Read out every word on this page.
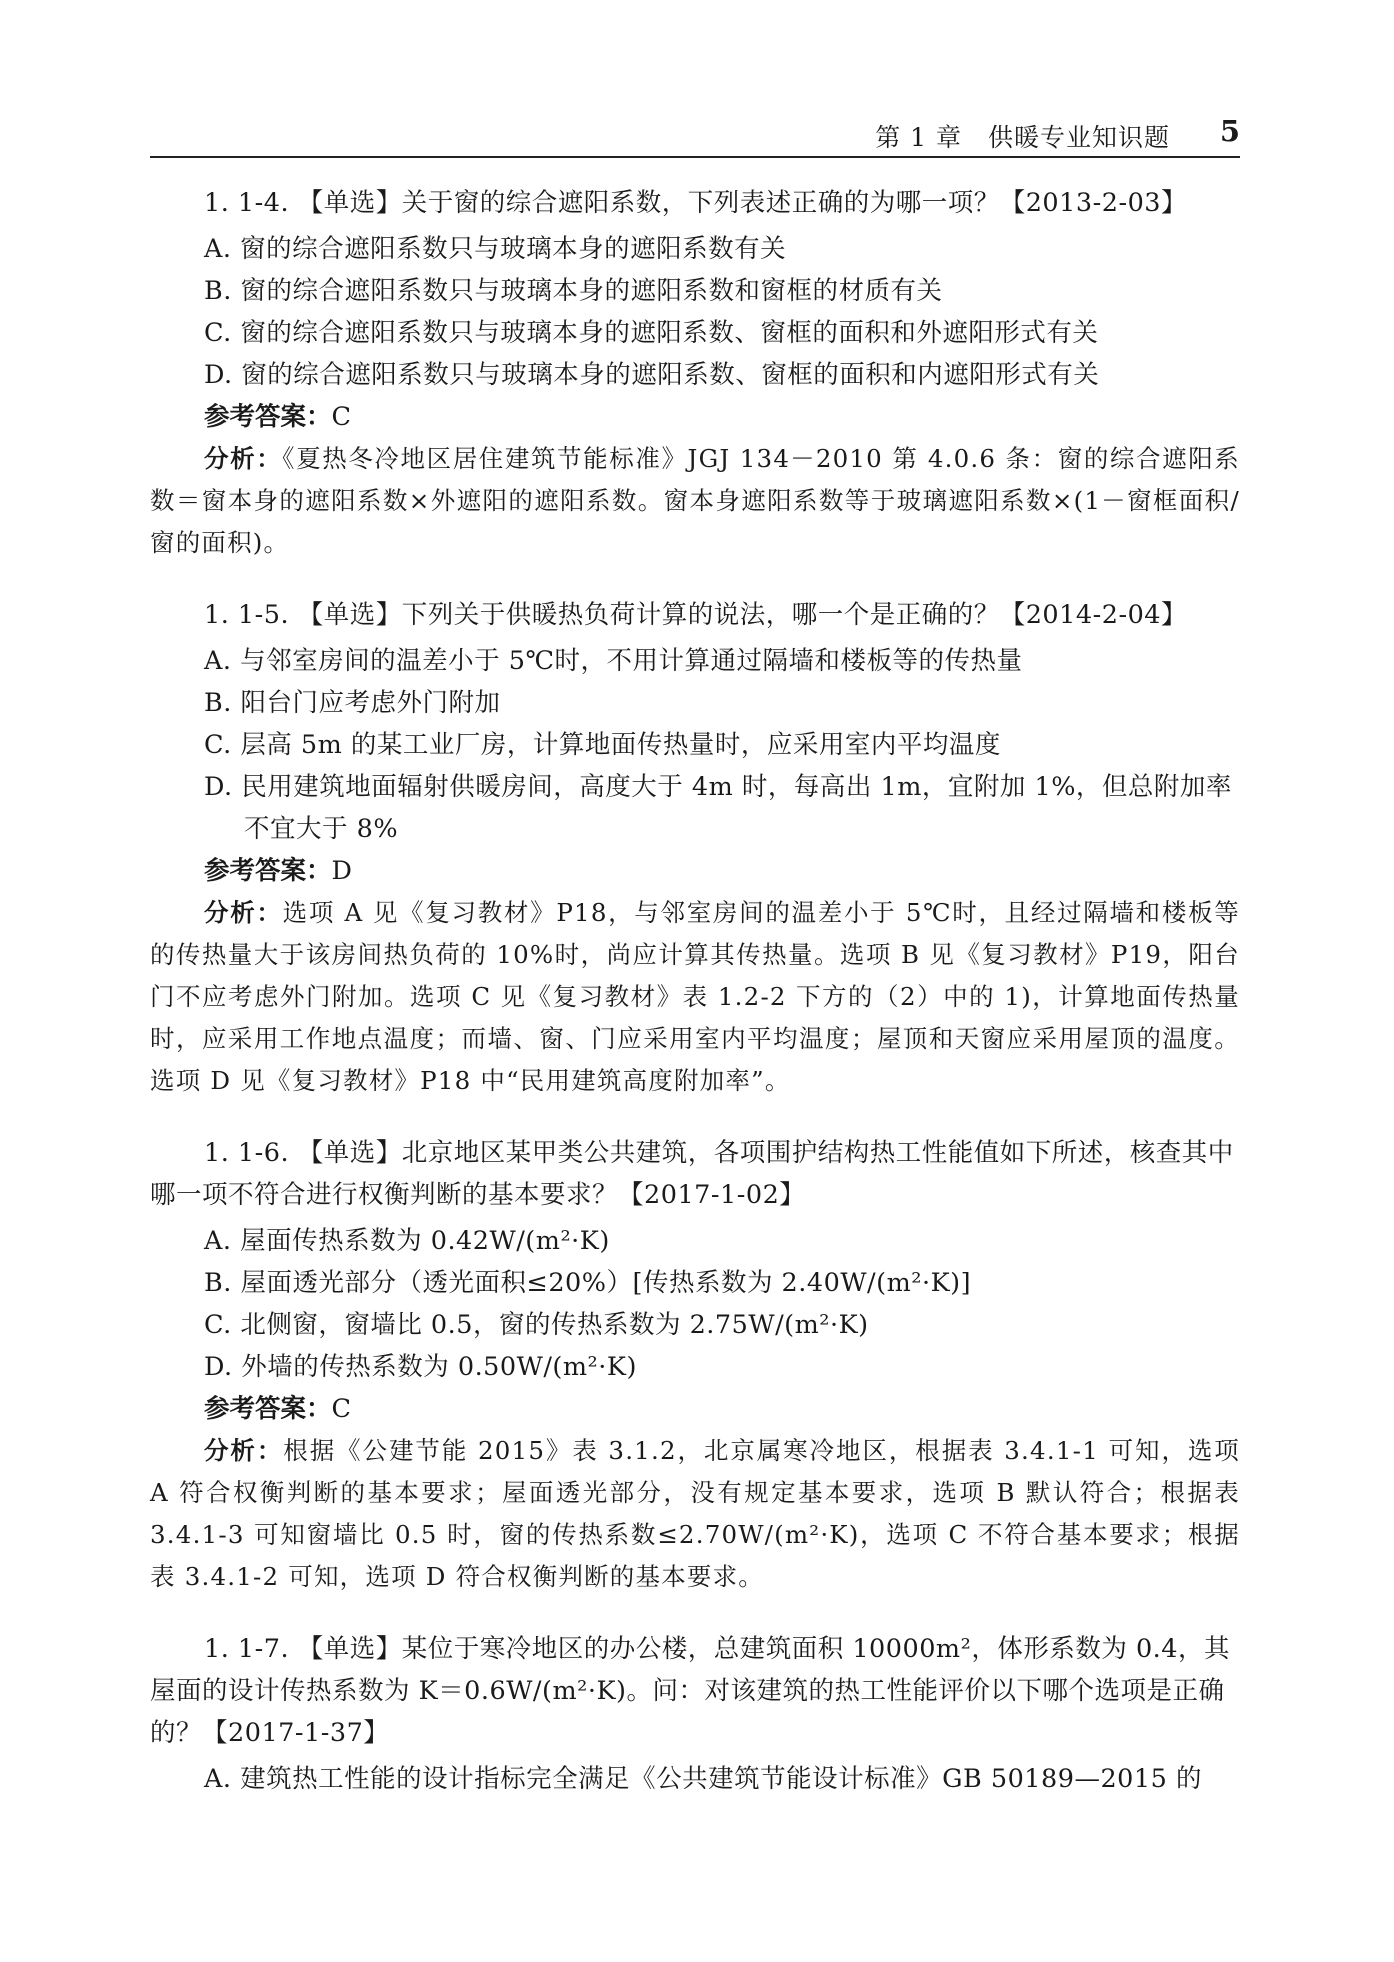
第 1 章　供暖专业知识题 5

1. 1-4. 【单选】关于窗的综合遮阳系数，下列表述正确的为哪一项？【2013-2-03】

A. 窗的综合遮阳系数只与玻璃本身的遮阳系数有关

B. 窗的综合遮阳系数只与玻璃本身的遮阳系数和窗框的材质有关

C. 窗的综合遮阳系数只与玻璃本身的遮阳系数、窗框的面积和外遮阳形式有关

D. 窗的综合遮阳系数只与玻璃本身的遮阳系数、窗框的面积和内遮阳形式有关

参考答案：C

分析：《夏热冬冷地区居住建筑节能标准》JGJ 134－2010 第 4.0.6 条：窗的综合遮阳系数＝窗本身的遮阳系数×外遮阳的遮阳系数。窗本身遮阳系数等于玻璃遮阳系数×(1－窗框面积/窗的面积)。

1. 1-5. 【单选】下列关于供暖热负荷计算的说法，哪一个是正确的？【2014-2-04】

A. 与邻室房间的温差小于 5℃时，不用计算通过隔墙和楼板等的传热量

B. 阳台门应考虑外门附加

C. 层高 5m 的某工业厂房，计算地面传热量时，应采用室内平均温度

D. 民用建筑地面辐射供暖房间，高度大于 4m 时，每高出 1m，宜附加 1%，但总附加率不宜大于 8%

参考答案：D

分析：选项 A 见《复习教材》P18，与邻室房间的温差小于 5℃时，且经过隔墙和楼板等的传热量大于该房间热负荷的 10%时，尚应计算其传热量。选项 B 见《复习教材》P19，阳台门不应考虑外门附加。选项 C 见《复习教材》表 1.2-2 下方的（2）中的 1)，计算地面传热量时，应采用工作地点温度；而墙、窗、门应采用室内平均温度；屋顶和天窗应采用屋顶的温度。选项 D 见《复习教材》P18 中“民用建筑高度附加率”。

1. 1-6. 【单选】北京地区某甲类公共建筑，各项围护结构热工性能值如下所述，核查其中哪一项不符合进行权衡判断的基本要求？【2017-1-02】

A. 屋面传热系数为 0.42W/(m²·K)

B. 屋面透光部分（透光面积≤20%）[传热系数为 2.40W/(m²·K)]

C. 北侧窗，窗墙比 0.5，窗的传热系数为 2.75W/(m²·K)

D. 外墙的传热系数为 0.50W/(m²·K)

参考答案：C

分析：根据《公建节能 2015》表 3.1.2，北京属寒冷地区，根据表 3.4.1-1 可知，选项 A 符合权衡判断的基本要求；屋面透光部分，没有规定基本要求，选项 B 默认符合；根据表 3.4.1-3 可知窗墙比 0.5 时，窗的传热系数≤2.70W/(m²·K)，选项 C 不符合基本要求；根据表 3.4.1-2 可知，选项 D 符合权衡判断的基本要求。

1. 1-7. 【单选】某位于寒冷地区的办公楼，总建筑面积 10000m²，体形系数为 0.4，其屋面的设计传热系数为 K＝0.6W/(m²·K)。问：对该建筑的热工性能评价以下哪个选项是正确的？【2017-1-37】

A. 建筑热工性能的设计指标完全满足《公共建筑节能设计标准》GB 50189—2015 的
